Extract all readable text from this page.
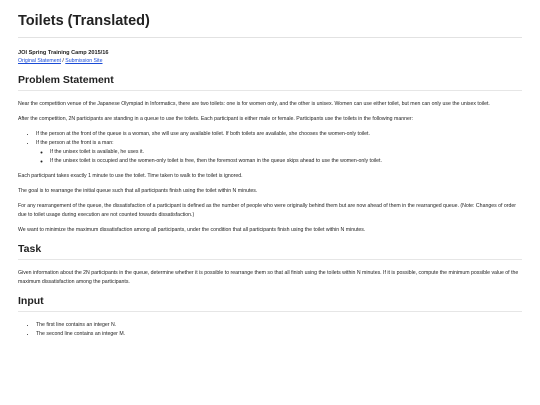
Toilets (Translated)
JOI Spring Training Camp 2015/16
Original Statement / Submission Site
Problem Statement

Near the competition venue of the Japanese Olympiad in Informatics, there are two toilets: one is for women only, and the other is unisex. Women can use either toilet, but men can only use the unisex toilet.

After the competition, 2N participants are standing in a queue to use the toilets. Each participant is either male or female. Participants use the toilets in the following manner:

• If the person at the front of the queue is a woman, she will use any available toilet. If both toilets are available, she chooses the women-only toilet.
• If the person at the front is a man:
◦ If the unisex toilet is available, he uses it.
◦ If the unisex toilet is occupied and the women-only toilet is free, then the foremost woman in the queue skips ahead to use the women-only toilet.

Each participant takes exactly 1 minute to use the toilet. Time taken to walk to the toilet is ignored.

The goal is to rearrange the initial queue such that all participants finish using the toilet within N minutes.

For any rearrangement of the queue, the dissatisfaction of a participant is defined as the number of people who were originally behind them but are now ahead of them in the rearranged queue. (Note: Changes of order due to toilet usage during execution are not counted towards dissatisfaction.)

We want to minimize the maximum dissatisfaction among all participants, under the condition that all participants finish using the toilet within N minutes.

Task

Given information about the 2N participants in the queue, determine whether it is possible to rearrange them so that all finish using the toilets within N minutes. If it is possible, compute the minimum possible value of the maximum dissatisfaction among the participants.

Input
• The first line contains an integer N.
• The second line contains an integer M.
